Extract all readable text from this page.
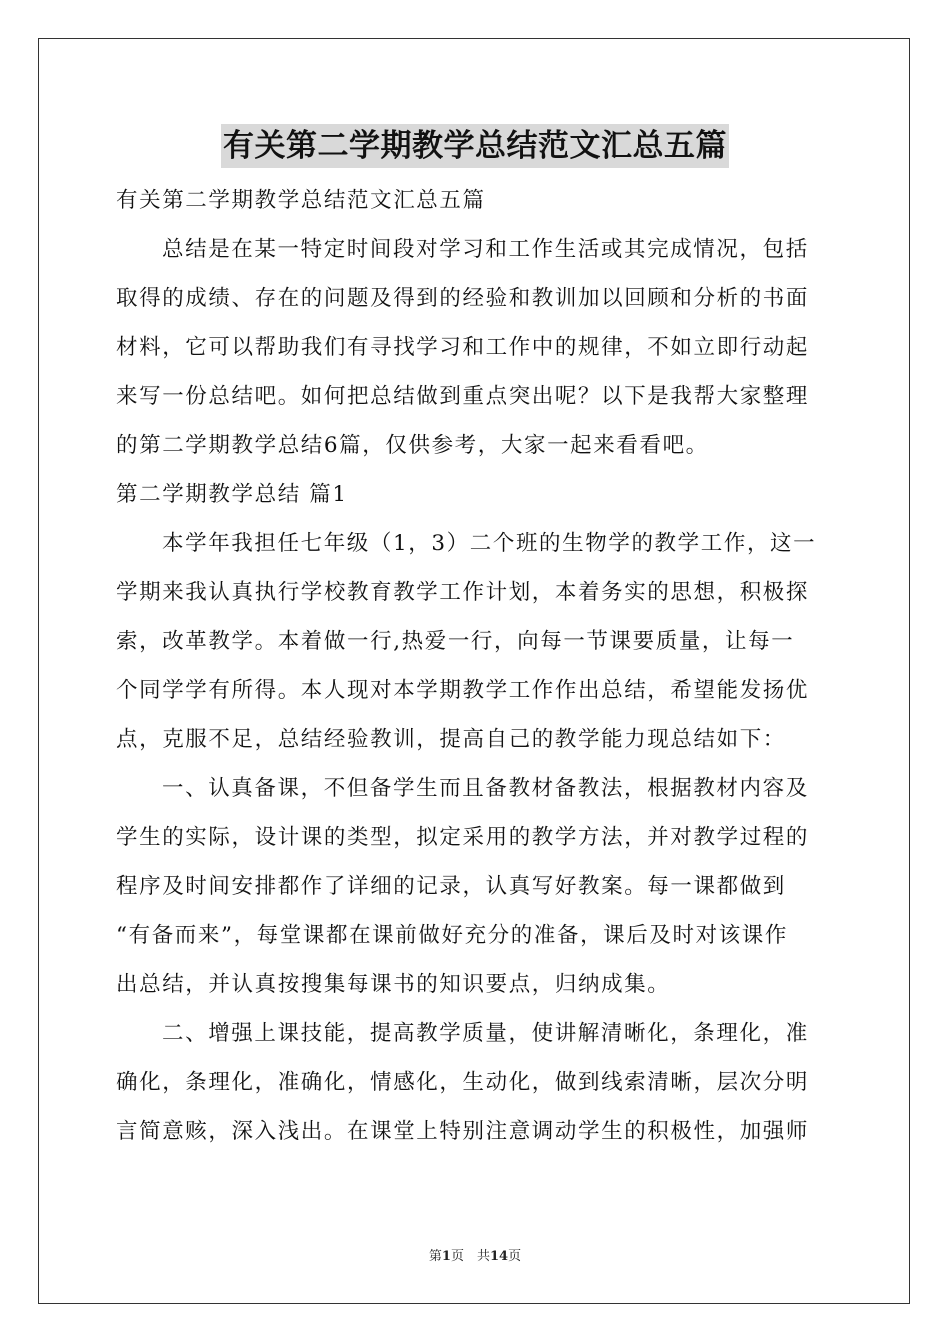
有关第二学期教学总结范文汇总五篇

有关第二学期教学总结范文汇总五篇

总结是在某一特定时间段对学习和工作生活或其完成情况，包括

取得的成绩、存在的问题及得到的经验和教训加以回顾和分析的书面

材料，它可以帮助我们有寻找学习和工作中的规律，不如立即行动起

来写一份总结吧。如何把总结做到重点突出呢？以下是我帮大家整理

的第二学期教学总结6篇，仅供参考，大家一起来看看吧。

第二学期教学总结 篇1

本学年我担任七年级（1，3）二个班的生物学的教学工作，这一

学期来我认真执行学校教育教学工作计划，本着务实的思想，积极探

索，改革教学。本着做一行,热爱一行，向每一节课要质量，让每一

个同学学有所得。本人现对本学期教学工作作出总结，希望能发扬优

点，克服不足，总结经验教训，提高自己的教学能力现总结如下：

一、认真备课，不但备学生而且备教材备教法，根据教材内容及

学生的实际，设计课的类型，拟定采用的教学方法，并对教学过程的

程序及时间安排都作了详细的记录，认真写好教案。每一课都做到

“有备而来”，每堂课都在课前做好充分的准备，课后及时对该课作

出总结，并认真按搜集每课书的知识要点，归纳成集。

二、增强上课技能，提高教学质量，使讲解清晰化，条理化，准

确化，条理化，准确化，情感化，生动化，做到线索清晰，层次分明

言简意赅，深入浅出。在课堂上特别注意调动学生的积极性，加强师

第1页　共14页
